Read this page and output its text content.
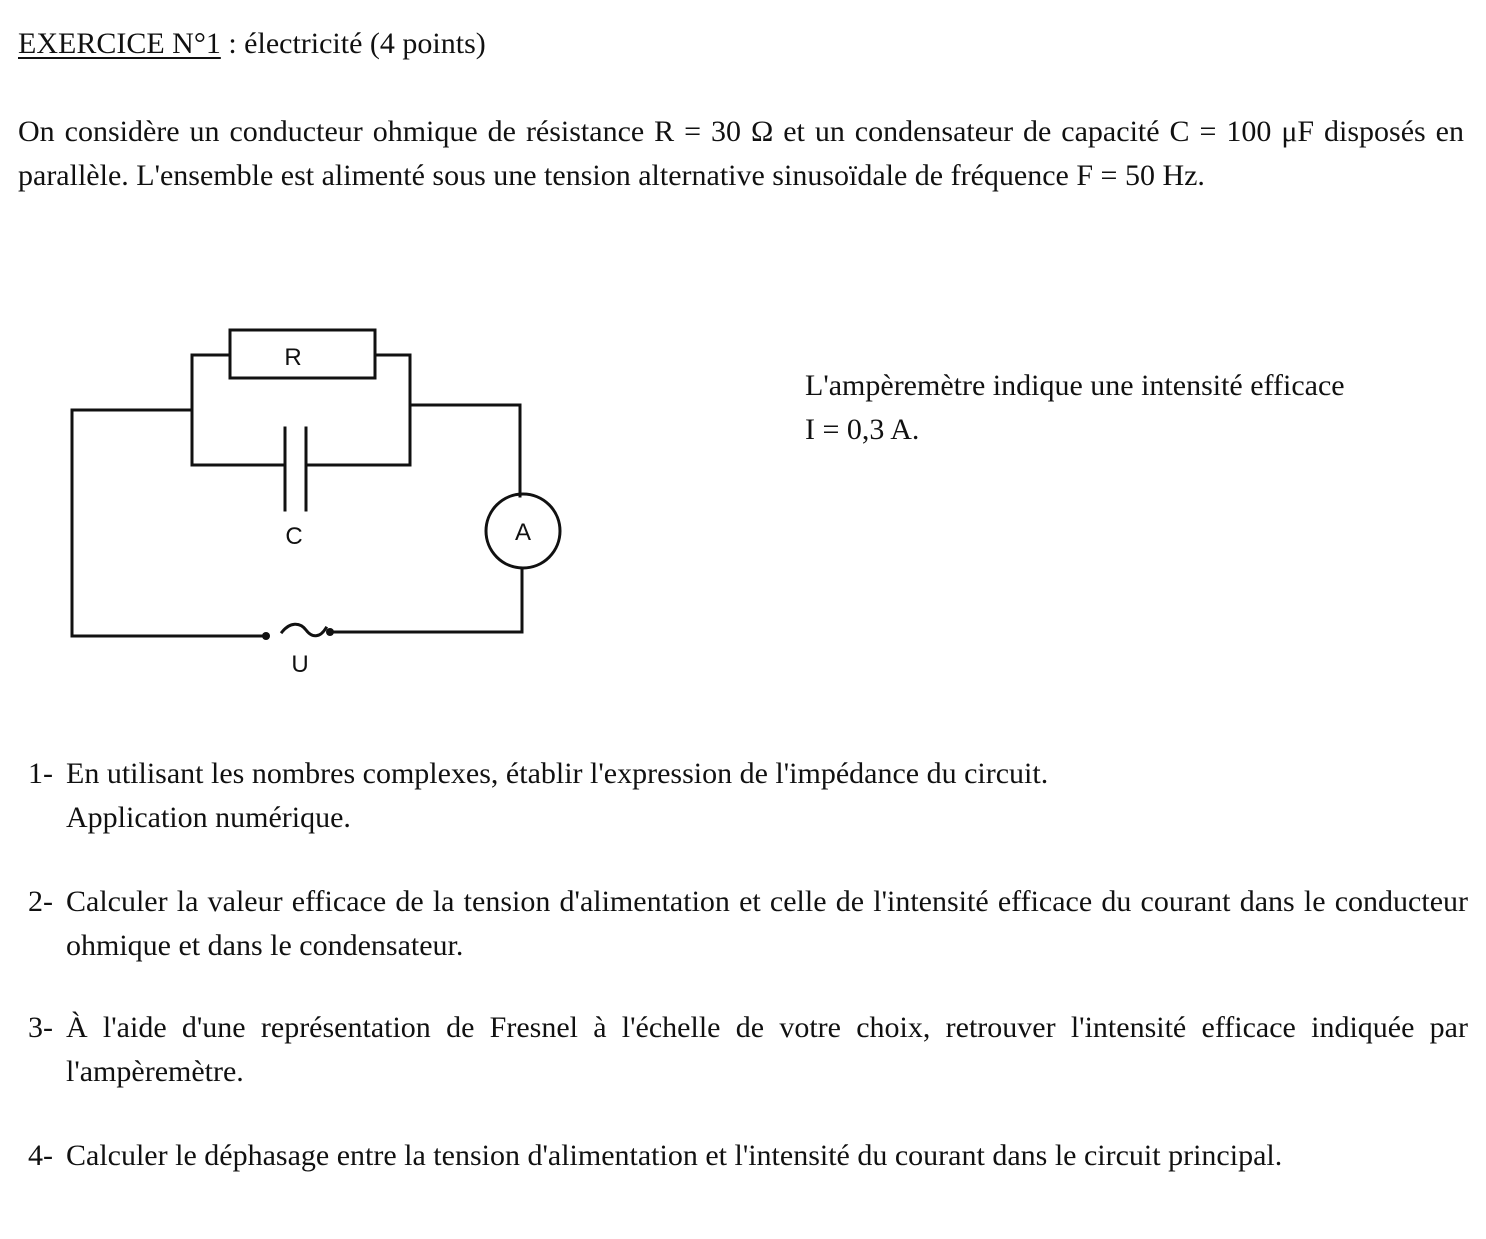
EXERCICE N°1 : électricité (4 points)
On considère un conducteur ohmique de résistance R = 30 Ω et un condensateur de capacité C = 100 μF disposés en parallèle. L'ensemble est alimenté sous une tension alternative sinusoïdale de fréquence F = 50 Hz.
R
C	A
U
L'ampèremètre indique une intensité efficace
I = 0,3 A.
1- En utilisant les nombres complexes, établir l'expression de l'impédance du circuit.
Application numérique.
2- Calculer la valeur efficace de la tension d'alimentation et celle de l'intensité efficace du courant dans le conducteur ohmique et dans le condensateur.
3- À l'aide d'une représentation de Fresnel à l'échelle de votre choix, retrouver l'intensité efficace indiquée par l'ampèremètre.
4- Calculer le déphasage entre la tension d'alimentation et l'intensité du courant dans le circuit principal.
